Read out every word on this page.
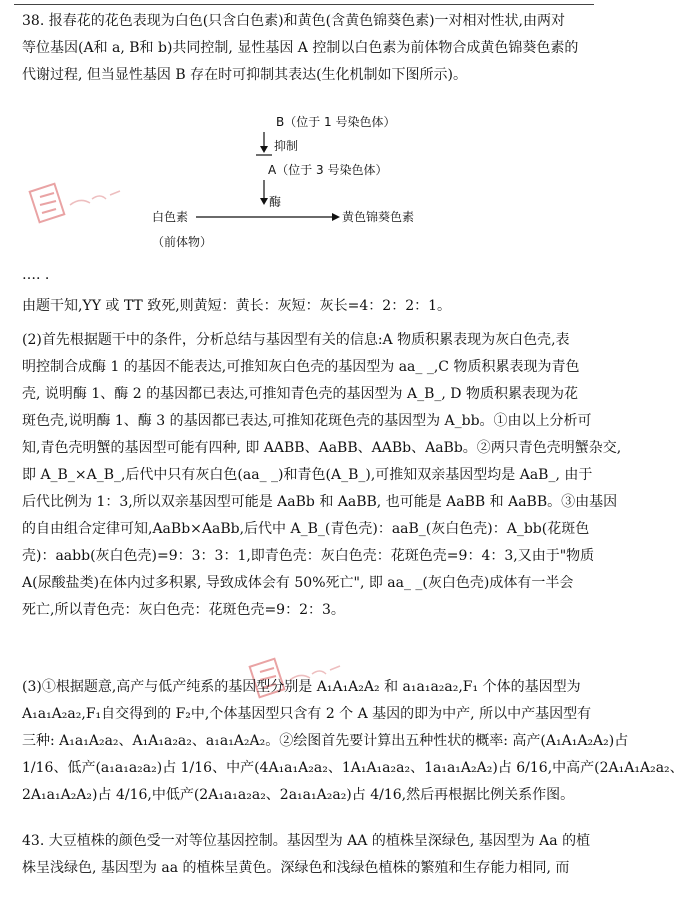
38. 报春花的花色表现为白色(只含白色素)和黄色(含黄色锦葵色素)一对相对性状,由两对
等位基因(A和 a, B和 b)共同控制, 显性基因 A 控制以白色素为前体物合成黄色锦葵色素的
代谢过程, 但当显性基因 B 存在时可抑制其表达(生化机制如下图所示)。
B（位于 1 号染色体）
抑制
A（位于 3 号染色体）
酶
白色素	黄色锦葵色素
（前体物）
…. .
由题干知,YY 或 TT 致死,则黄短：黄长：灰短：灰长=4：2：2：1。
(2)首先根据题干中的条件，分析总结与基因型有关的信息:A 物质积累表现为灰白色壳,表
明控制合成酶 1 的基因不能表达,可推知灰白色壳的基因型为 aa_ _,C 物质积累表现为青色
壳, 说明酶 1、酶 2 的基因都已表达,可推知青色壳的基因型为 A_B_, D 物质积累表现为花
斑色壳,说明酶 1、酶 3 的基因都已表达,可推知花斑色壳的基因型为 A_bb。①由以上分析可
知,青色壳明蟹的基因型可能有四种, 即 AABB、AaBB、AABb、AaBb。②两只青色壳明蟹杂交,
即 A_B_×A_B_,后代中只有灰白色(aa_ _)和青色(A_B_),可推知双亲基因型均是 AaB_, 由于
后代比例为 1：3,所以双亲基因型可能是 AaBb 和 AaBB, 也可能是 AaBB 和 AaBB。③由基因
的自由组合定律可知,AaBb×AaBb,后代中 A_B_(青色壳)：aaB_(灰白色壳)：A_bb(花斑色
壳)：aabb(灰白色壳)=9：3：3：1,即青色壳：灰白色壳：花斑色壳=9：4：3,又由于"物质
A(尿酸盐类)在体内过多积累, 导致成体会有 50%死亡", 即 aa_ _(灰白色壳)成体有一半会
死亡,所以青色壳：灰白色壳：花斑色壳=9：2：3。
(3)①根据题意,高产与低产纯系的基因型分别是 A₁A₁A₂A₂ 和 a₁a₁a₂a₂,F₁ 个体的基因型为
A₁a₁A₂a₂,F₁自交得到的 F₂中,个体基因型只含有 2 个 A 基因的即为中产, 所以中产基因型有
三种: A₁a₁A₂a₂、A₁A₁a₂a₂、a₁a₁A₂A₂。②绘图首先要计算出五种性状的概率: 高产(A₁A₁A₂A₂)占
1/16、低产(a₁a₁a₂a₂)占 1/16、中产(4A₁a₁A₂a₂、1A₁A₁a₂a₂、1a₁a₁A₂A₂)占 6/16,中高产(2A₁A₁A₂a₂、
2A₁a₁A₂A₂)占 4/16,中低产(2A₁a₁a₂a₂、2a₁a₁A₂a₂)占 4/16,然后再根据比例关系作图。
43. 大豆植株的颜色受一对等位基因控制。基因型为 AA 的植株呈深绿色, 基因型为 Aa 的植
株呈浅绿色, 基因型为 aa 的植株呈黄色。深绿色和浅绿色植株的繁殖和生存能力相同, 而
